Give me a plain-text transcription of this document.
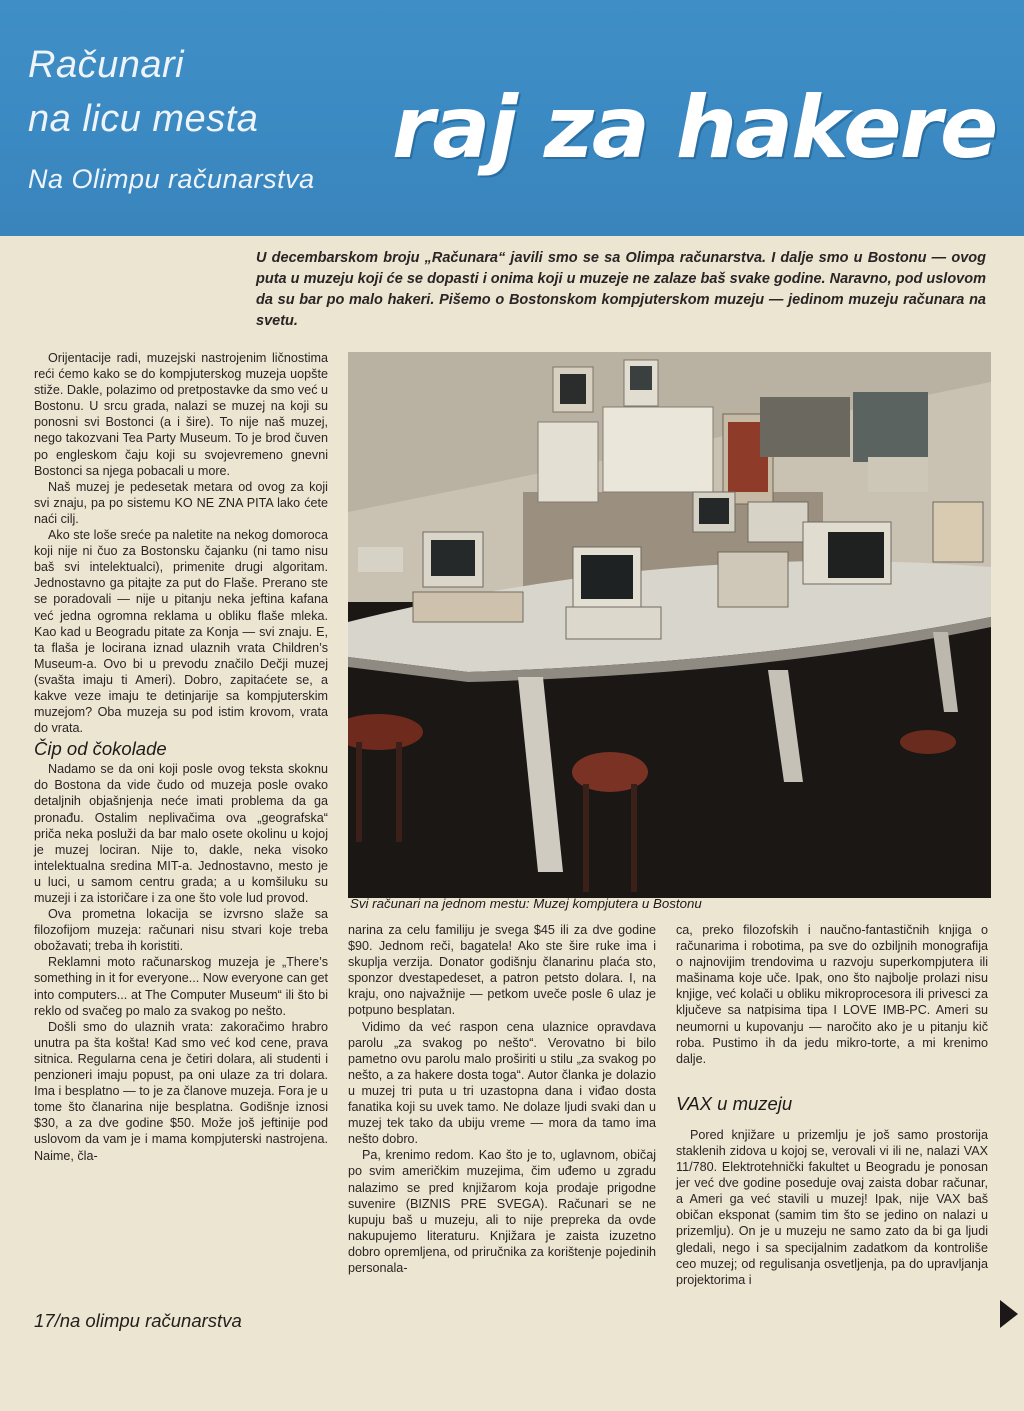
Računari

na licu mesta

Na Olimpu računarstva

raj za hakere

U decembarskom broju „Računara“ javili smo se sa Olimpa računarstva. I dalje smo u Bostonu — ovog puta u muzeju koji će se dopasti i onima koji u muzeje ne zalaze baš svake godine. Naravno, pod uslovom da su bar po malo hakeri. Pišemo o Bostonskom kompjuterskom muzeju — jedinom muzeju računara na svetu.

Orijentacije radi, muzejski nastrojenim ličnostima reći ćemo kako se do kompjuterskog muzeja uopšte stiže. Dakle, polazimo od pretpostavke da smo već u Bostonu. U srcu grada, nalazi se muzej na koji su ponosni svi Bostonci (a i šire). To nije naš muzej, nego takozvani Tea Party Museum. To je brod čuven po engleskom čaju koji su svojevremeno gnevni Bostonci sa njega pobacali u more.

Naš muzej je pedesetak metara od ovog za koji svi znaju, pa po sistemu KO NE ZNA PITA lako ćete naći cilj.

Ako ste loše sreće pa naletite na nekog domoroca koji nije ni čuo za Bostonsku čajanku (ni tamo nisu baš svi intelektualci), primenite drugi algoritam. Jednostavno ga pitajte za put do Flaše. Prerano ste se poradovali — nije u pitanju neka jeftina kafana već jedna ogromna reklama u obliku flaše mleka. Kao kad u Beogradu pitate za Konja — svi znaju. E, ta flaša je locirana iznad ulaznih vrata Children’s Museum-a. Ovo bi u prevodu značilo Dečji muzej (svašta imaju ti Ameri). Dobro, zapitaćete se, a kakve veze imaju te detinjarije sa kompjuterskim muzejom? Oba muzeja su pod istim krovom, vrata do vrata.

Čip od čokolade

Nadamo se da oni koji posle ovog teksta skoknu do Bostona da vide čudo od muzeja posle ovako detaljnih objašnjenja neće imati problema da ga pronađu. Ostalim neplivačima ova „geografska“ priča neka posluži da bar malo osete okolinu u kojoj je muzej lociran. Nije to, dakle, neka visoko intelektualna sredina MIT-a. Jednostavno, mesto je u luci, u samom centru grada; a u komšiluku su muzeji i za istoričare i za one što vole lud provod.

Ova prometna lokacija se izvrsno slaže sa filozofijom muzeja: računari nisu stvari koje treba obožavati; treba ih koristiti.

Reklamni moto računarskog muzeja je „There’s something in it for everyone... Now everyone can get into computers... at The Computer Museum“ ili što bi reklo od svačeg po malo za svakog po nešto.

Došli smo do ulaznih vrata: zakoračimo hrabro unutra pa šta košta! Kad smo već kod cene, prava sitnica. Regularna cena je četiri dolara, ali studenti i penzioneri imaju popust, pa oni ulaze za tri dolara. Ima i besplatno — to je za članove muzeja. Fora je u tome što članarina nije besplatna. Godišnje iznosi $30, a za dve godine $50. Može još jeftinije pod uslovom da vam je i mama kompjuterski nastrojena. Naime, čla-

Svi računari na jednom mestu: Muzej kompjutera u Bostonu

narina za celu familiju je svega $45 ili za dve godine $90. Jednom reči, bagatela! Ako ste šire ruke ima i skuplja verzija. Donator godišnju članarinu plaća sto, sponzor dvestapedeset, a patron petsto dolara. I, na kraju, ono najvažnije — petkom uveče posle 6 ulaz je potpuno besplatan.

Vidimo da već raspon cena ulaznice opravdava parolu „za svakog po nešto“. Verovatno bi bilo pametno ovu parolu malo proširiti u stilu „za svakog po nešto, a za hakere dosta toga“. Autor članka je dolazio u muzej tri puta u tri uzastopna dana i viđao dosta fanatika koji su uvek tamo. Ne dolaze ljudi svaki dan u muzej tek tako da ubiju vreme — mora da tamo ima nešto dobro.

Pa, krenimo redom. Kao što je to, uglavnom, običaj po svim američkim muzejima, čim uđemo u zgradu nalazimo se pred knjižarom koja prodaje prigodne suvenire (BIZNIS PRE SVEGA). Računari se ne kupuju baš u muzeju, ali to nije prepreka da ovde nakupujemo literaturu. Knjižara je zaista izuzetno dobro opremljena, od priručnika za korištenje pojedinih personala-

ca, preko filozofskih i naučno-fantastičnih knjiga o računarima i robotima, pa sve do ozbiljnih monografija o najnovijim trendovima u razvoju superkompjutera ili mašinama koje uče. Ipak, ono što najbolje prolazi nisu knjige, već kolači u obliku mikroprocesora ili privesci za ključeve sa natpisima tipa I LOVE IMB-PC. Ameri su neumorni u kupovanju — naročito ako je u pitanju kič roba. Pustimo ih da jedu mikro-torte, a mi krenimo dalje.

VAX u muzeju

Pored knjižare u prizemlju je još samo prostorija staklenih zidova u kojoj se, verovali vi ili ne, nalazi VAX 11/780. Elektrotehnički fakultet u Beogradu je ponosan jer već dve godine poseduje ovaj zaista dobar računar, a Ameri ga već stavili u muzej! Ipak, nije VAX baš običan eksponat (samim tim što se jedino on nalazi u prizemlju). On je u muzeju ne samo zato da bi ga ljudi gledali, nego i sa specijalnim zadatkom da kontroliše ceo muzej; od regulisanja osvetljenja, pa do upravljanja projektorima i

17/na olimpu računarstva
